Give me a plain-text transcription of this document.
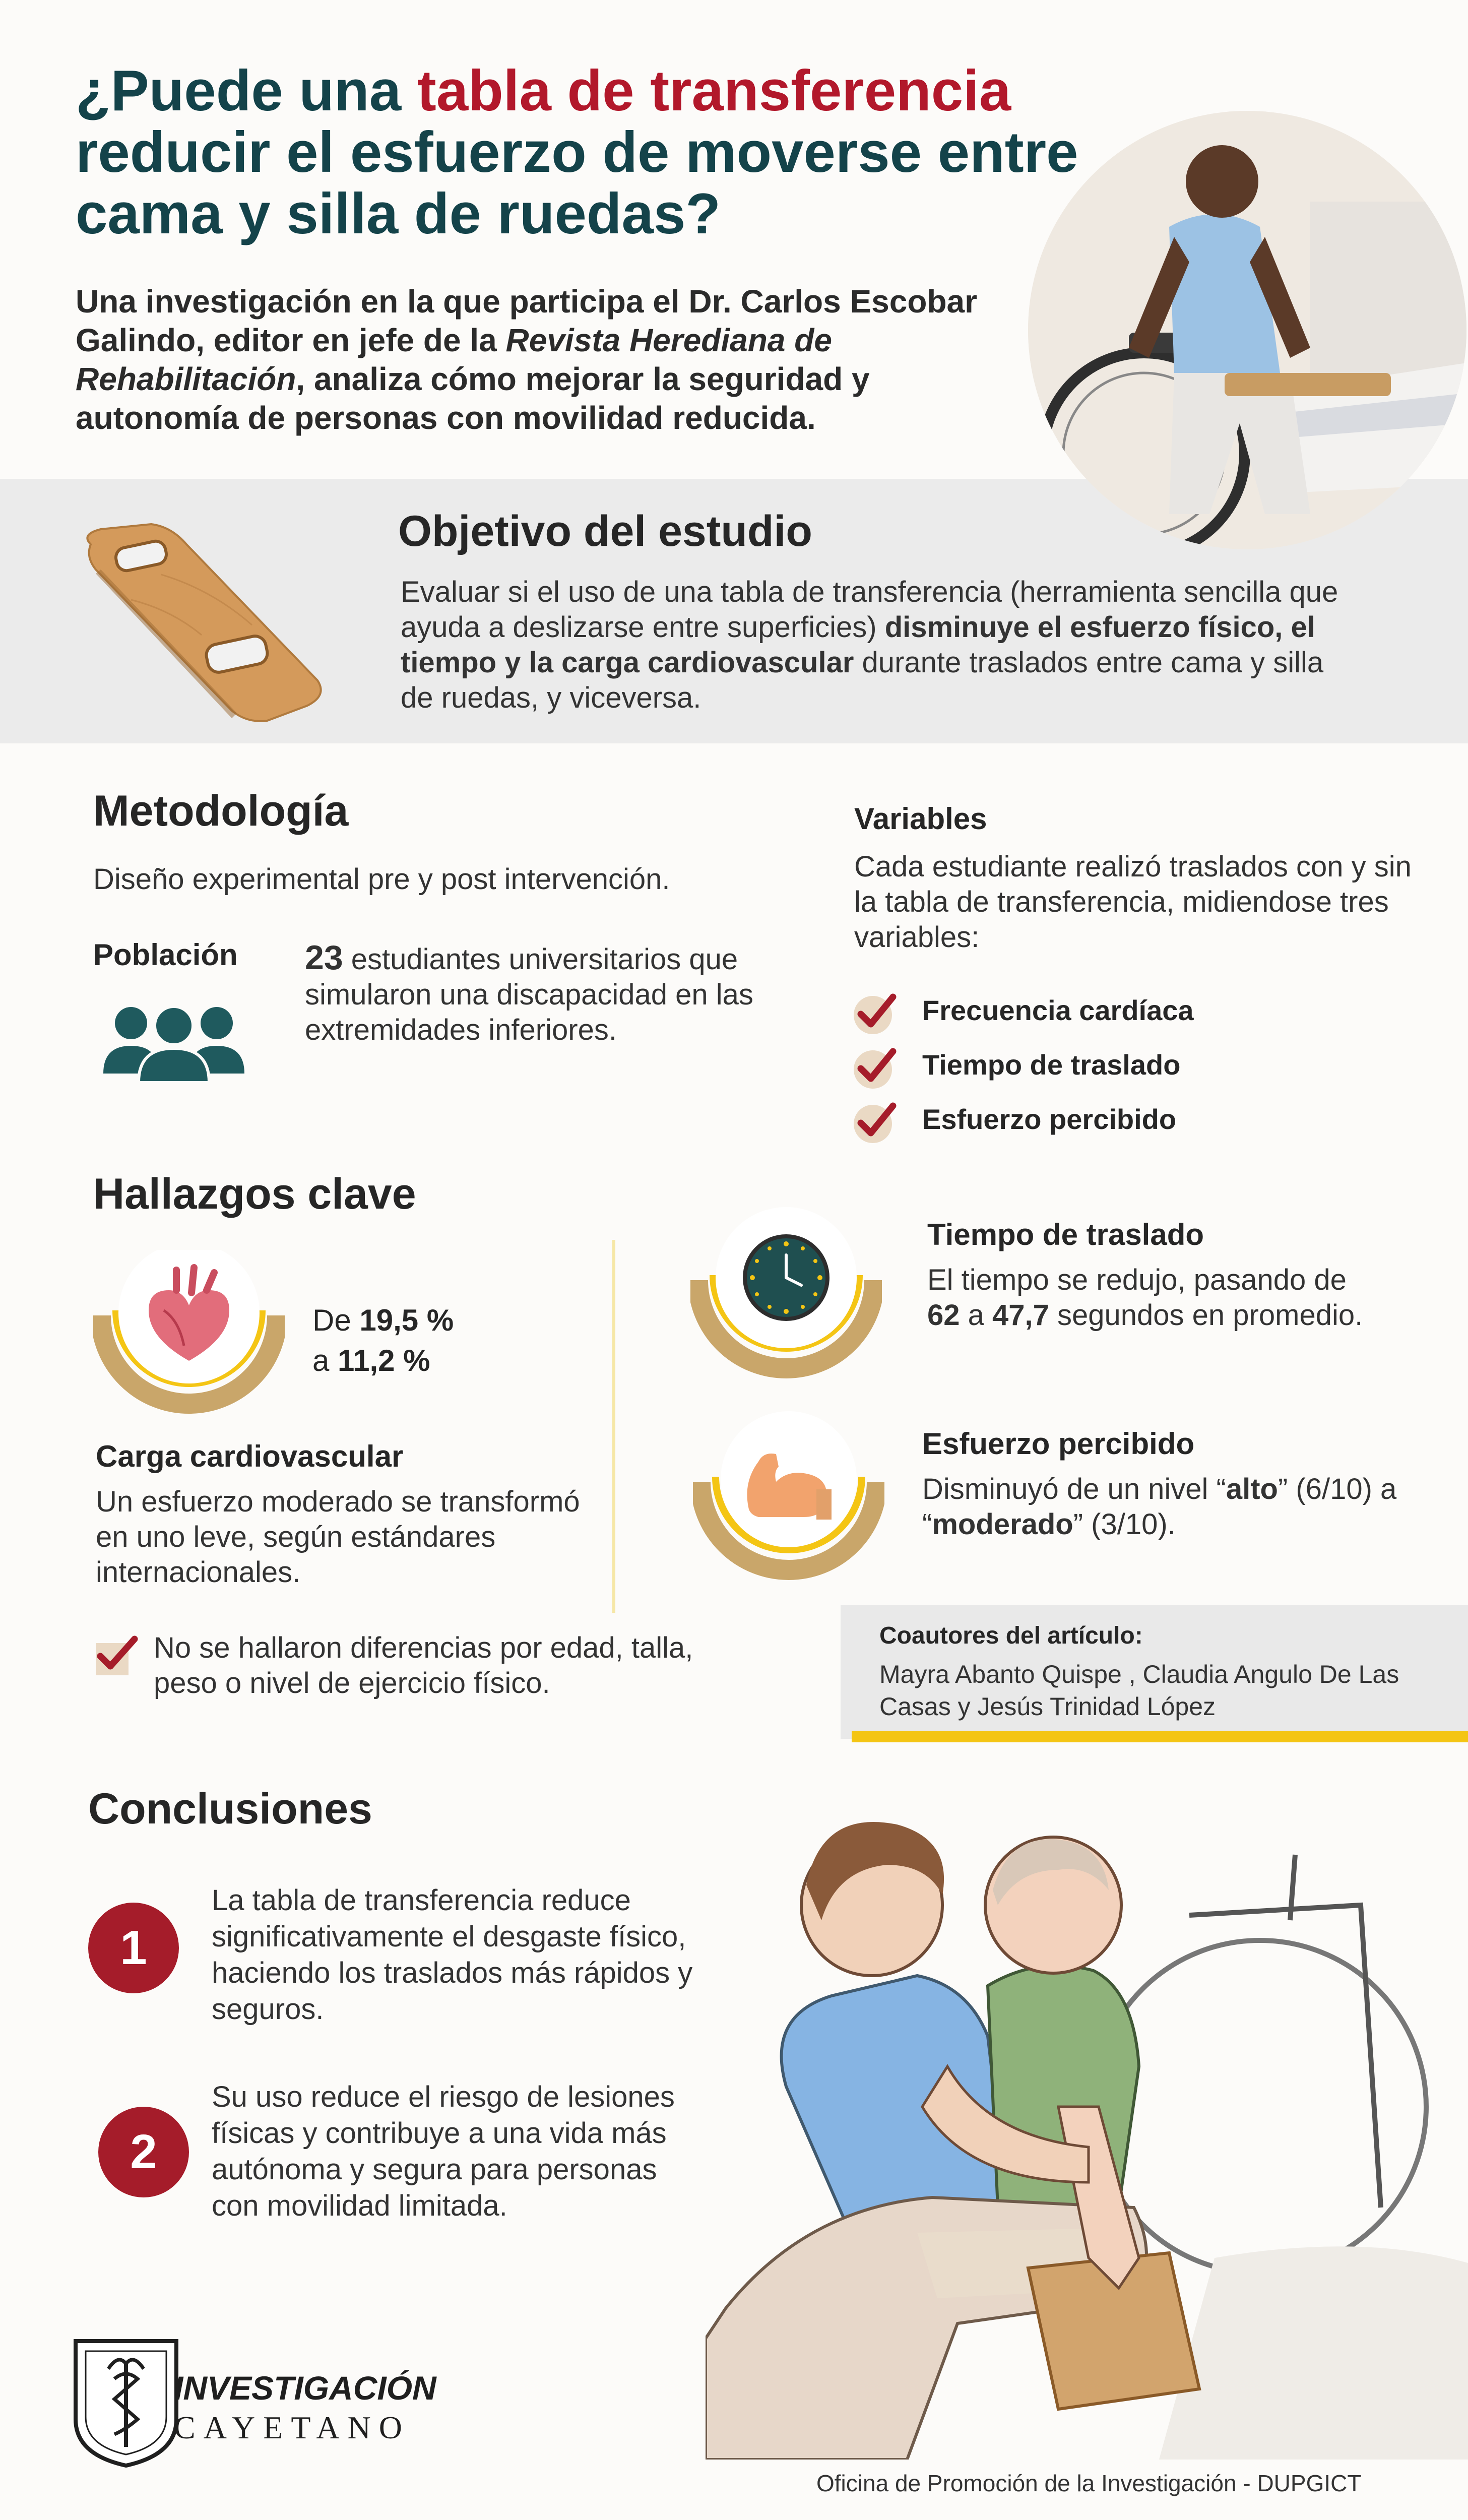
¿Puede una tabla de transferencia
reducir el esfuerzo de moverse entre cama y silla de ruedas?
Una investigación en la que participa el Dr. Carlos Escobar Galindo, editor en jefe de la Revista Herediana de Rehabilitación, analiza cómo mejorar la seguridad y autonomía de personas con movilidad reducida.
Objetivo del estudio
Evaluar si el uso de una tabla de transferencia (herramienta sencilla que ayuda a deslizarse entre superficies) disminuye el esfuerzo físico, el tiempo y la carga cardiovascular durante traslados entre cama y silla de ruedas, y viceversa.
Metodología
Diseño experimental pre y post intervención.
Población 23 estudiantes universitarios que simularon una discapacidad en las extremidades inferiores.
Variables
Cada estudiante realizó traslados con y sin la tabla de transferencia, midiendose tres variables:
Frecuencia cardíaca
Tiempo de traslado
Esfuerzo percibido
Hallazgos clave
De 19,5 %
a 11,2 %
Carga cardiovascular
Un esfuerzo moderado se transformó en uno leve, según estándares internacionales.
Tiempo de traslado
El tiempo se redujo, pasando de 62 a 47,7 segundos en promedio.
Esfuerzo percibido
Disminuyó de un nivel “alto” (6/10) a “moderado” (3/10).
No se hallaron diferencias por edad, talla, peso o nivel de ejercicio físico.
Coautores del artículo:
Mayra Abanto Quispe , Claudia Angulo De Las Casas y Jesús Trinidad López
Conclusiones
1
La tabla de transferencia reduce significativamente el desgaste físico, haciendo los traslados más rápidos y seguros.
2
Su uso reduce el riesgo de lesiones físicas y contribuye a una vida más autónoma y segura para personas con movilidad limitada.
INVESTIGACIÓN
CAYETANO
Oficina de Promoción de la Investigación - DUPGICT
